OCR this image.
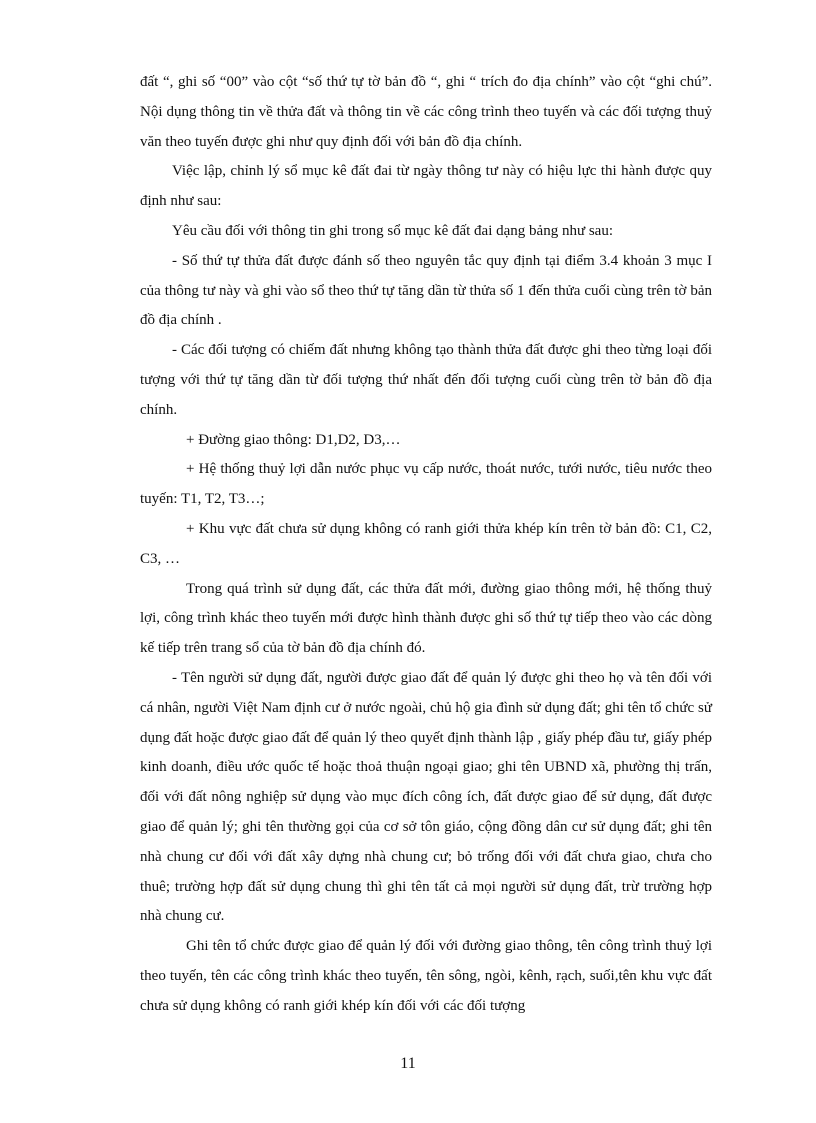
đất “, ghi số “00” vào cột “số thứ tự tờ bản đồ “, ghi “ trích đo địa chính” vào cột “ghi chú”. Nội dụng thông tin về thửa đất và thông tin về các công trình theo tuyến và các đối tượng thuỷ văn theo tuyến được ghi như quy định đối với bản đồ địa chính.

Việc lập, chỉnh lý sổ mục kê đất đai từ ngày thông tư này có hiệu lực thi hành được quy định như sau:

Yêu cầu đối với thông tin ghi trong sổ mục kê đất đai dạng bảng như sau:

- Số thứ tự thửa đất được đánh số theo nguyên tắc quy định tại điểm 3.4 khoản 3 mục I của thông tư này và ghi vào sổ theo thứ tự tăng dần từ thửa số 1 đến thửa cuối cùng trên tờ bản đồ địa chính .

- Các đối tượng có chiếm đất nhưng không tạo thành thửa đất được ghi theo từng loại đối tượng với thứ tự tăng dần từ đối tượng thứ nhất đến đối tượng cuối cùng trên tờ bản đồ địa chính.

+ Đường giao thông: D1,D2, D3,…

+ Hệ thống thuỷ lợi dẫn nước phục vụ cấp nước, thoát nước, tưới nước, tiêu nước theo tuyến: T1, T2, T3…;

+ Khu vực đất chưa sử dụng không có ranh giới thửa khép kín trên tờ bản đồ: C1, C2, C3, …

Trong quá trình sử dụng đất, các thửa đất mới, đường giao thông mới, hệ thống thuỷ lợi, công trình khác theo tuyến mới được hình thành được ghi số thứ tự tiếp theo vào các dòng kế tiếp trên trang sổ của tờ bản đồ địa chính đó.

- Tên người sử dụng đất, người được giao đất để quản lý được ghi theo họ và tên đối với cá nhân, người Việt Nam định cư ở nước ngoài, chủ hộ gia đình sử dụng đất; ghi tên tổ chức sử dụng đất hoặc được giao đất để quản lý theo quyết định thành lập , giấy phép đầu tư, giấy phép kinh doanh, điều ước quốc tế hoặc thoả thuận ngoại giao; ghi tên UBND xã, phường thị trấn, đối với đất nông nghiệp sử dụng vào mục đích công ích, đất được giao để sử dụng, đất được giao để quản lý; ghi tên thường gọi của cơ sở tôn giáo, cộng đồng dân cư sử dụng đất; ghi tên nhà chung cư đối với đất xây dựng nhà chung cư; bỏ trống đối với đất chưa giao, chưa cho thuê; trường hợp đất sử dụng chung thì ghi tên tất cả mọi người sử dụng đất, trừ trường hợp nhà chung cư.

Ghi tên tổ chức được giao để quản lý đối với đường giao thông, tên công trình thuỷ lợi theo tuyến, tên các công trình khác theo tuyến, tên sông, ngòi, kênh, rạch, suối,tên khu vực đất chưa sử dụng không có ranh giới khép kín đối với các đối tượng

11
